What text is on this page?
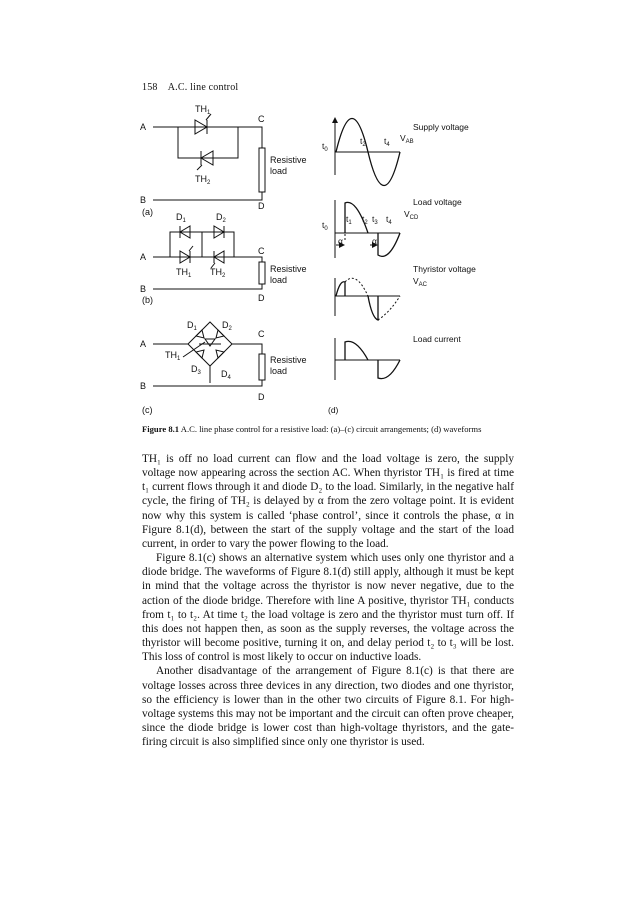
158 A.C. line control
A
C
B
D
$TH_1$
$TH_2$
Resistive
load
(a)
A
C
B
D
$D_1$	$D_2$
$TH_1$ $TH_2$
Resistive
load
(b)
A
C
B
D
$D_1$	$D_2$
$D_3$ $D_4$
$TH_1$	Resistive
load
(c)
Supply voltage
$V_{AB}$
Load voltage
$V_{CD}$
Thyristor voltage
$V_{AC}$
Load current
$t_0$
$t_2$ $t_4$
$t_0$
$t_1$ $t_2$ $t_3$ $t_4$
α	α
(d)
Figure 8.1 A.C. line phase control for a resistive load: (a)–(c) circuit arrangements; (d) waveforms

TH₁ is off no load current can flow and the load voltage is zero, the supply voltage now appearing across the section AC. When thyristor TH₁ is fired at time t₁ current flows through it and diode D₂ to the load. Similarly, in the negative half cycle, the firing of TH₂ is delayed by α from the zero voltage point. It is evident now why this system is called ‘phase control’, since it controls the phase, α in Figure 8.1(d), between the start of the supply voltage and the start of the load current, in order to vary the power flowing to the load.

Figure 8.1(c) shows an alternative system which uses only one thyristor and a diode bridge. The waveforms of Figure 8.1(d) still apply, although it must be kept in mind that the voltage across the thyristor is now never negative, due to the action of the diode bridge. Therefore with line A positive, thyristor TH₁ conducts from t₁ to t₂. At time t₂ the load voltage is zero and the thyristor must turn off. If this does not happen then, as soon as the supply reverses, the voltage across the thyristor will become positive, turning it on, and delay period t₂ to t₃ will be lost. This loss of control is most likely to occur on inductive loads.

Another disadvantage of the arrangement of Figure 8.1(c) is that there are voltage losses across three devices in any direction, two diodes and one thyristor, so the efficiency is lower than in the other two circuits of Figure 8.1. For high-voltage systems this may not be important and the circuit can often prove cheaper, since the diode bridge is lower cost than high-voltage thyristors, and the gate-firing circuit is also simplified since only one thyristor is used.
